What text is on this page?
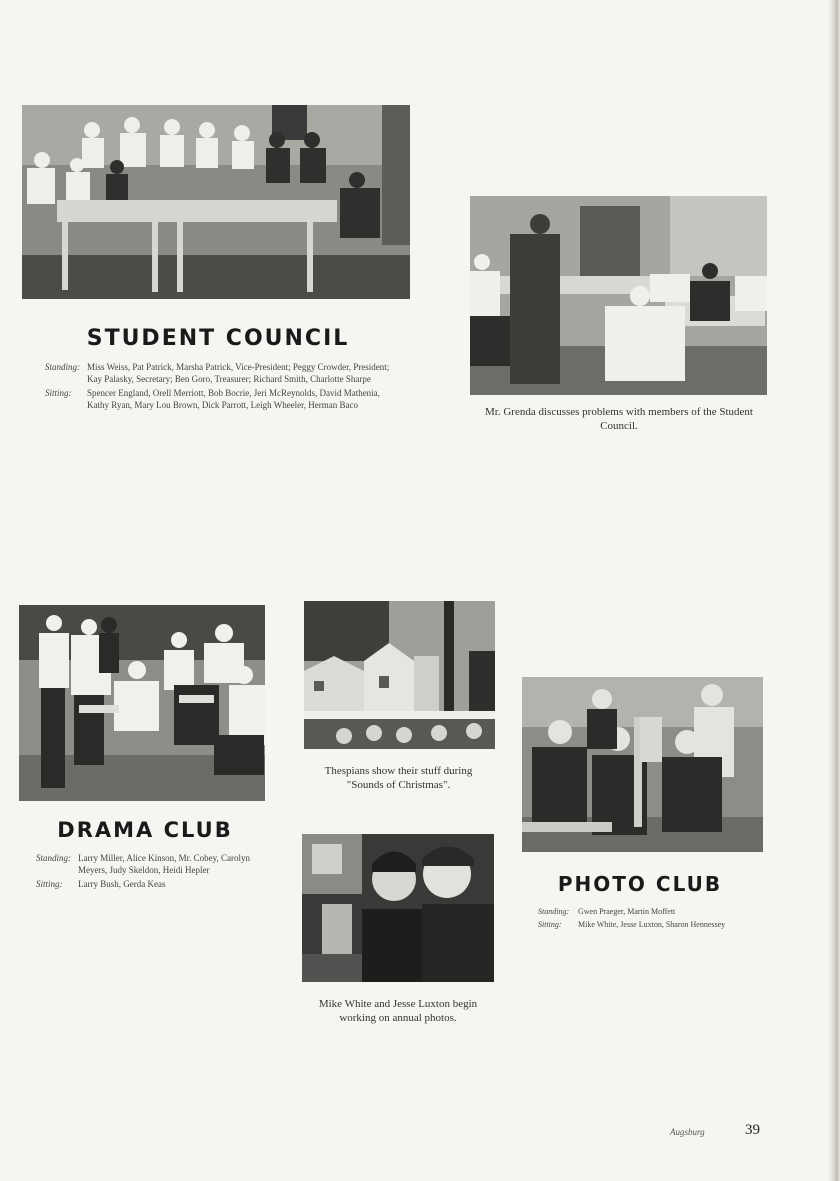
STUDENT COUNCIL
Standing: Miss Weiss, Pat Patrick, Marsha Patrick, Vice-President; Peggy Crowder, President; Kay Palasky, Secretary; Ben Goro, Treasurer; Richard Smith, Charlotte Sharpe
Sitting:	Spencer England, Orell Merriott, Bob Bocrie, Jeri McReynolds, David Mathenia, Kathy Ryan, Mary Lou Brown, Dick Parrott, Leigh Wheeler, Herman Baco
Mr. Grenda discusses problems with members of the Student Council.
DRAMA CLUB
Standing: Larry Miller, Alice Kinson, Mr. Cobey, Carolyn Meyers, Judy Skeldon, Heidi Hepler
Sitting:	Larry Bush, Gerda Keas
Thespians show their stuff during "Sounds of Christmas".
Mike White and Jesse Luxton begin working on annual photos.
PHOTO CLUB
Standing:	Gwen Praeger, Martin Moffett
Sitting:	Mike White, Jesse Luxton, Sharon Hennessey
Augsburg	39
